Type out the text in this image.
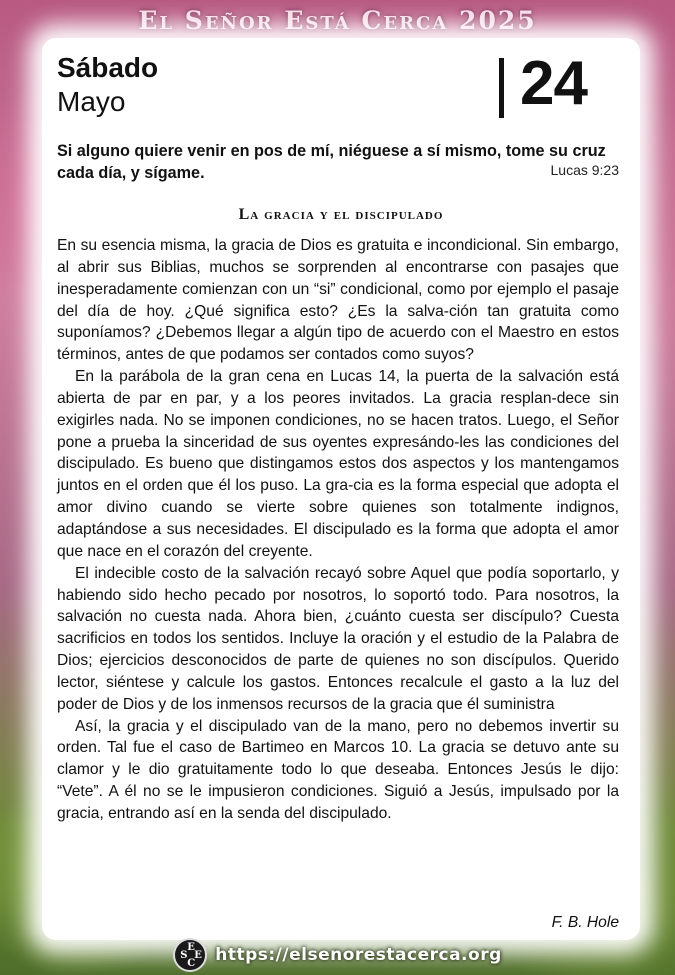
El Señor Está Cerca 2025
Sábado
Mayo	24
Si alguno quiere venir en pos de mí, niéguese a sí mismo, tome su cruz cada día, y sígame.	Lucas 9:23
La gracia y el discipulado

En su esencia misma, la gracia de Dios es gratuita e incondicional. Sin embargo, al abrir sus Biblias, muchos se sorprenden al encontrarse con pasajes que inesperadamente comienzan con un “si” condicional, como por ejemplo el pasaje del día de hoy. ¿Qué significa esto? ¿Es la salva-ción tan gratuita como suponíamos? ¿Debemos llegar a algún tipo de acuerdo con el Maestro en estos términos, antes de que podamos ser contados como suyos?

En la parábola de la gran cena en Lucas 14, la puerta de la salvación está abierta de par en par, y a los peores invitados. La gracia resplan-dece sin exigirles nada. No se imponen condiciones, no se hacen tratos. Luego, el Señor pone a prueba la sinceridad de sus oyentes expresándo-les las condiciones del discipulado. Es bueno que distingamos estos dos aspectos y los mantengamos juntos en el orden que él los puso. La gra-cia es la forma especial que adopta el amor divino cuando se vierte sobre quienes son totalmente indignos, adaptándose a sus necesidades. El discipulado es la forma que adopta el amor que nace en el corazón del creyente.

El indecible costo de la salvación recayó sobre Aquel que podía soportarlo, y habiendo sido hecho pecado por nosotros, lo soportó todo. Para nosotros, la salvación no cuesta nada. Ahora bien, ¿cuánto cuesta ser discípulo? Cuesta sacrificios en todos los sentidos. Incluye la oración y el estudio de la Palabra de Dios; ejercicios desconocidos de parte de quienes no son discípulos. Querido lector, siéntese y calcule los gastos. Entonces recalcule el gasto a la luz del poder de Dios y de los inmensos recursos de la gracia que él suministra

Así, la gracia y el discipulado van de la mano, pero no debemos invertir su orden. Tal fue el caso de Bartimeo en Marcos 10. La gracia se detuvo ante su clamor y le dio gratuitamente todo lo que deseaba. Entonces Jesús le dijo: “Vete”. A él no se le impusieron condiciones. Siguió a Jesús, impulsado por la gracia, entrando así en la senda del discipulado.

F. B. Hole
E
S E
C https://elsenorestacerca.org
